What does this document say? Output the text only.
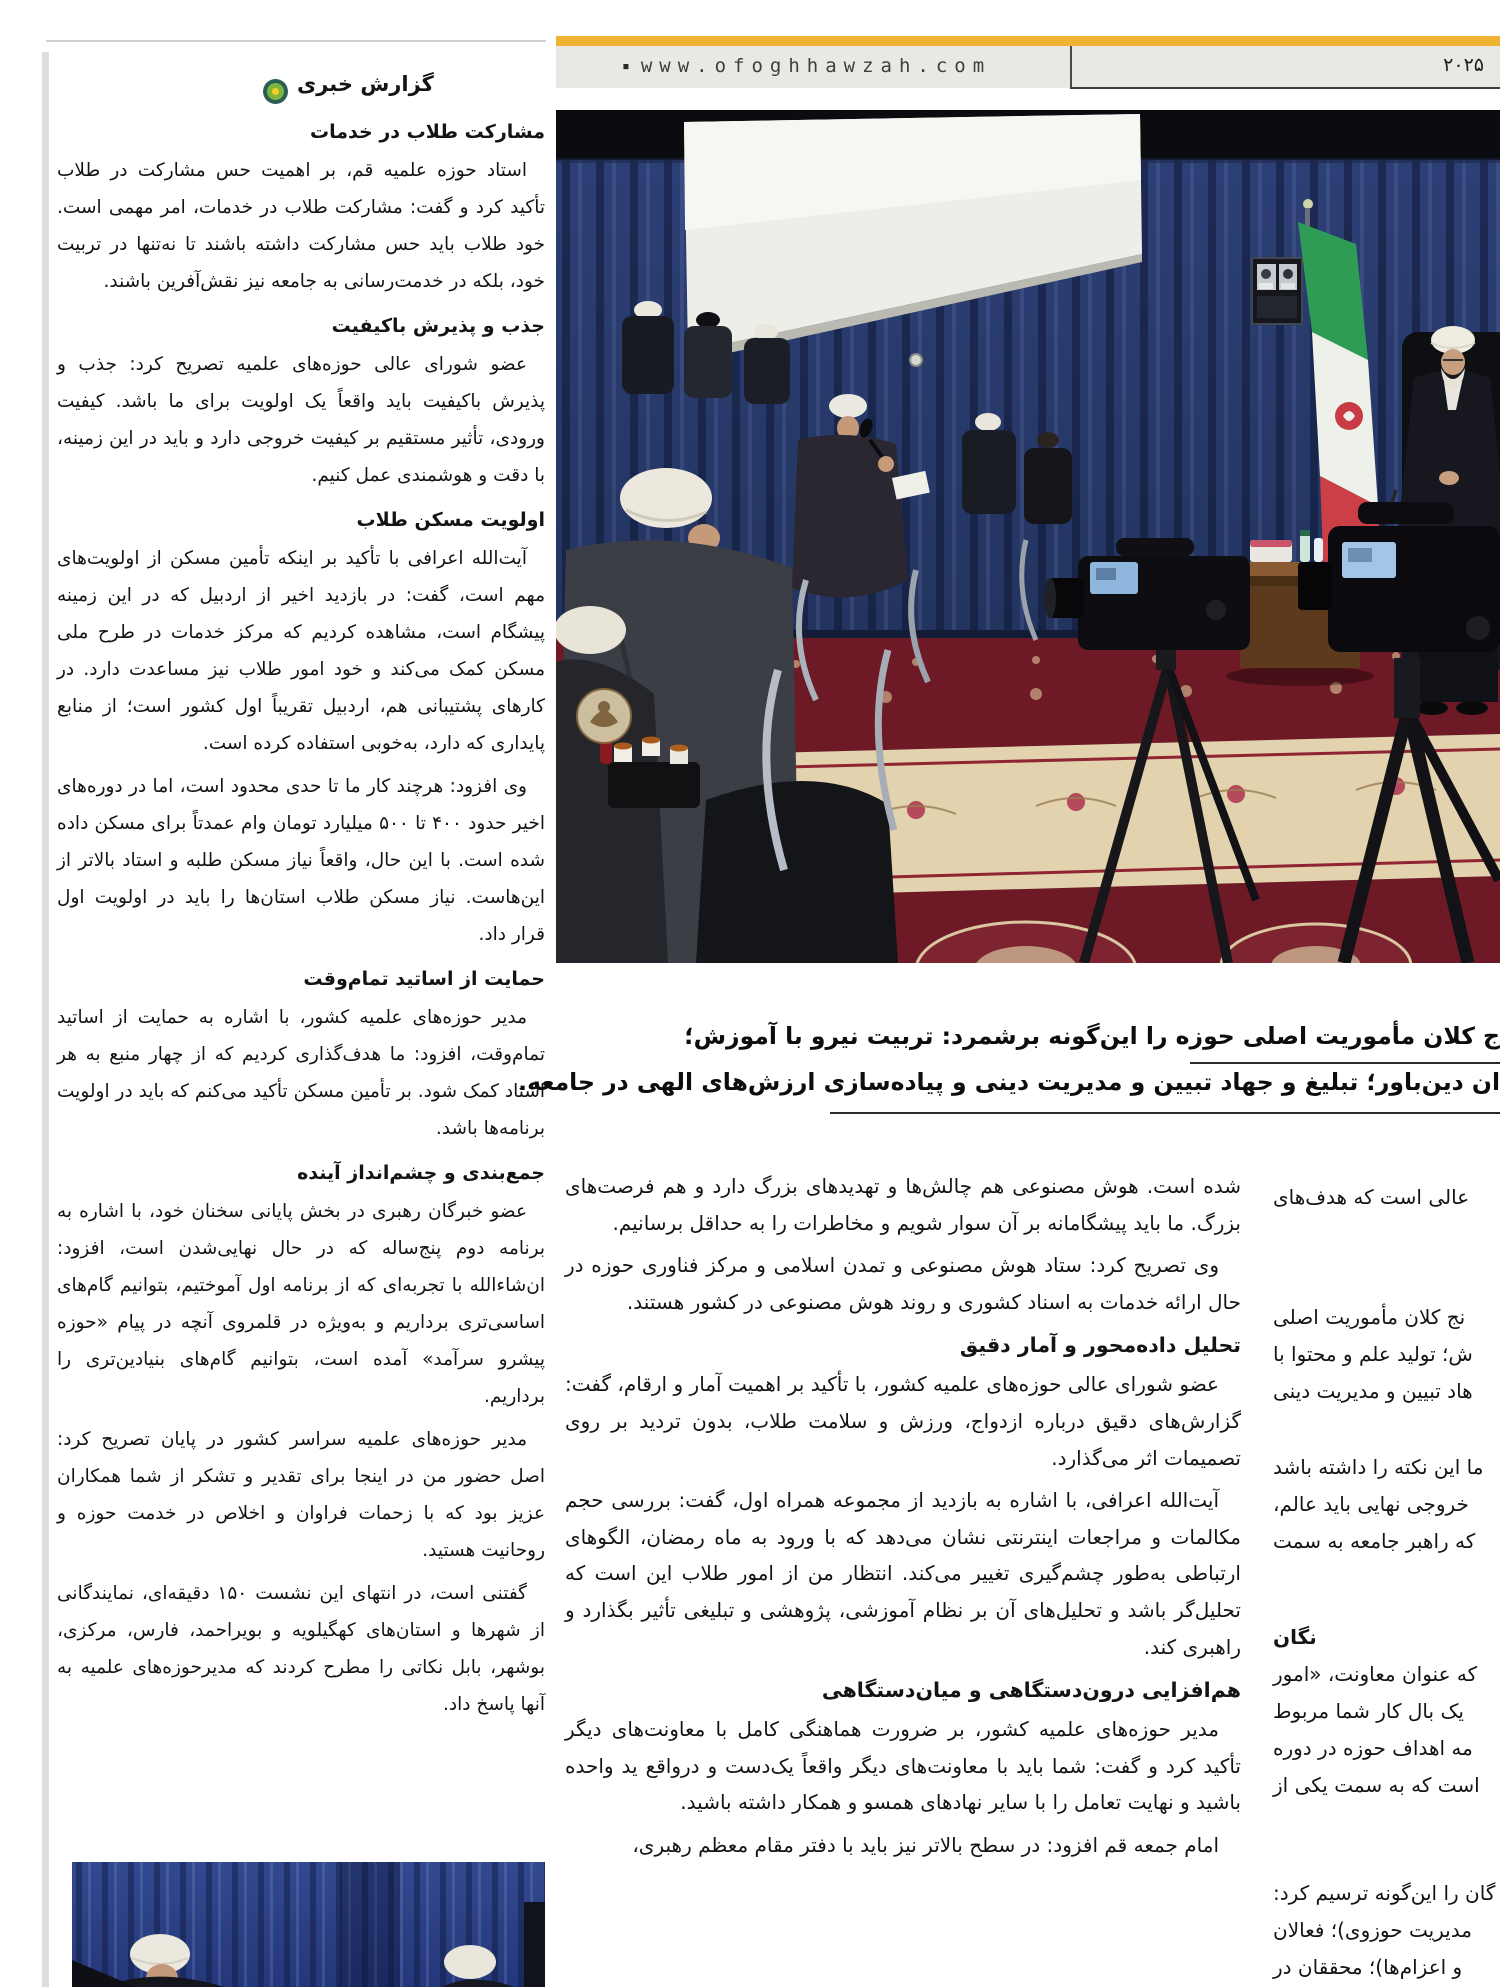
▪ www.ofoghhawzah.com	۲۰۲۵
گزارش خبری
مشارکت طلاب در خدمات

استاد حوزه علمیه قم، بر اهمیت حس مشارکت در طلاب تأکید کرد و گفت: مشارکت طلاب در خدمات، امر مهمی است. خود طلاب باید حس مشارکت داشته باشند تا نه‌تنها در تربیت خود، بلکه در خدمت‌رسانی به جامعه نیز نقش‌آفرین باشند.

جذب و پذیرش باکیفیت

عضو شورای عالی حوزه‌های علمیه تصریح کرد: جذب و پذیرش باکیفیت باید واقعاً یک اولویت برای ما باشد. کیفیت ورودی، تأثیر مستقیم بر کیفیت خروجی دارد و باید در این زمینه، با دقت و هوشمندی عمل کنیم.

اولویت مسکن طلاب

آیت‌الله اعرافی با تأکید بر اینکه تأمین مسکن از اولویت‌های مهم است، گفت: در بازدید اخیر از اردبیل که در این زمینه پیشگام است، مشاهده کردیم که مرکز خدمات در طرح ملی مسکن کمک می‌کند و خود امور طلاب نیز مساعدت دارد. در کارهای پشتیبانی هم، اردبیل تقریباً اول کشور است؛ از منابع پایداری که دارد، به‌خوبی استفاده کرده است.

وی افزود: هرچند کار ما تا حدی محدود است، اما در دوره‌های اخیر حدود ۴۰۰ تا ۵۰۰ میلیارد تومان وام عمدتاً برای مسکن داده شده است. با این حال، واقعاً نیاز مسکن طلبه و استاد بالاتر از این‌هاست. نیاز مسکن طلاب استان‌ها را باید در اولویت اول قرار داد.

حمایت از اساتید تمام‌وقت

مدیر حوزه‌های علمیه کشور، با اشاره به حمایت از اساتید تمام‌وقت، افزود: ما هدف‌گذاری کردیم که از چهار منبع به هر استاد کمک شود. بر تأمین مسکن تأکید می‌کنم که باید در اولویت برنامه‌ها باشد.

جمع‌بندی و چشم‌انداز آینده

عضو خبرگان رهبری در بخش پایانی سخنان خود، با اشاره به برنامه دوم پنج‌ساله که در حال نهایی‌شدن است، افزود: ان‌شاءالله با تجربه‌ای که از برنامه اول آموختیم، بتوانیم گام‌های اساسی‌تری برداریم و به‌ویژه در قلمروی آنچه در پیام «حوزه پیشرو سرآمد» آمده است، بتوانیم گام‌های بنیادین‌تری را برداریم.

مدیر حوزه‌های علمیه سراسر کشور در پایان تصریح کرد: اصل حضور من در اینجا برای تقدیر و تشکر از شما همکاران عزیز بود که با زحمات فراوان و اخلاص در خدمت حوزه و روحانیت هستید.

گفتنی است، در انتهای این نشست ۱۵۰ دقیقه‌ای، نمایندگانی از شهرها و استان‌های کهگیلویه و بویراحمد، فارس، مرکزی، بوشهر، بابل نکاتی را مطرح کردند که مدیرحوزه‌های علمیه به آنها پاسخ داد.

ج کلان مأموریت اصلی حوزه را این‌گونه برشمرد: تربیت نیرو با آموزش؛
ان دین‌باور؛ تبلیغ و جهاد تبیین و مدیریت دینی و پیاده‌سازی ارزش‌های الهی در جامعه.

شده است. هوش مصنوعی هم چالش‌ها و تهدیدهای بزرگ دارد و هم فرصت‌های بزرگ. ما باید پیشگامانه بر آن سوار شویم و مخاطرات را به حداقل برسانیم.

وی تصریح کرد: ستاد هوش مصنوعی و تمدن اسلامی و مرکز فناوری حوزه در حال ارائه خدمات به اسناد کشوری و روند هوش مصنوعی در کشور هستند.

تحلیل داده‌محور و آمار دقیق

عضو شورای عالی حوزه‌های علمیه کشور، با تأکید بر اهمیت آمار و ارقام، گفت: گزارش‌های دقیق درباره ازدواج، ورزش و سلامت طلاب، بدون تردید بر روی تصمیمات اثر می‌گذارد.

آیت‌الله اعرافی، با اشاره به بازدید از مجموعه همراه اول، گفت: بررسی حجم مکالمات و مراجعات اینترنتی نشان می‌دهد که با ورود به ماه رمضان، الگوهای ارتباطی به‌طور چشم‌گیری تغییر می‌کند. انتظار من از امور طلاب این است که تحلیل‌گر باشد و تحلیل‌های آن بر نظام آموزشی، پژوهشی و تبلیغی تأثیر بگذارد و راهبری کند.

هم‌افزایی درون‌دستگاهی و میان‌دستگاهی

مدیر حوزه‌های علمیه کشور، بر ضرورت هماهنگی کامل با معاونت‌های دیگر تأکید کرد و گفت: شما باید با معاونت‌های دیگر واقعاً یک‌دست و درواقع ید واحده باشید و نهایت تعامل را با سایر نهادهای همسو و همکار داشته باشید.

امام جمعه قم افزود: در سطح بالاتر نیز باید با دفتر مقام معظم رهبری،

عالی است که هدف‌های
نج کلان مأموریت اصلی
ش؛ تولید علم و محتوا با
هاد تبیین و مدیریت دینی
ما این نکته را داشته باشد
خروجی نهایی باید عالم،
که راهبر جامعه به سمت
نگان
که عنوان معاونت، «امور
یک بال کار شما مربوط
مه اهداف حوزه در دوره
است که به سمت یکی از
گان را این‌گونه ترسیم کرد:
مدیریت حوزوی)؛ فعالان
و اعزام‌ها)؛ محققان در
